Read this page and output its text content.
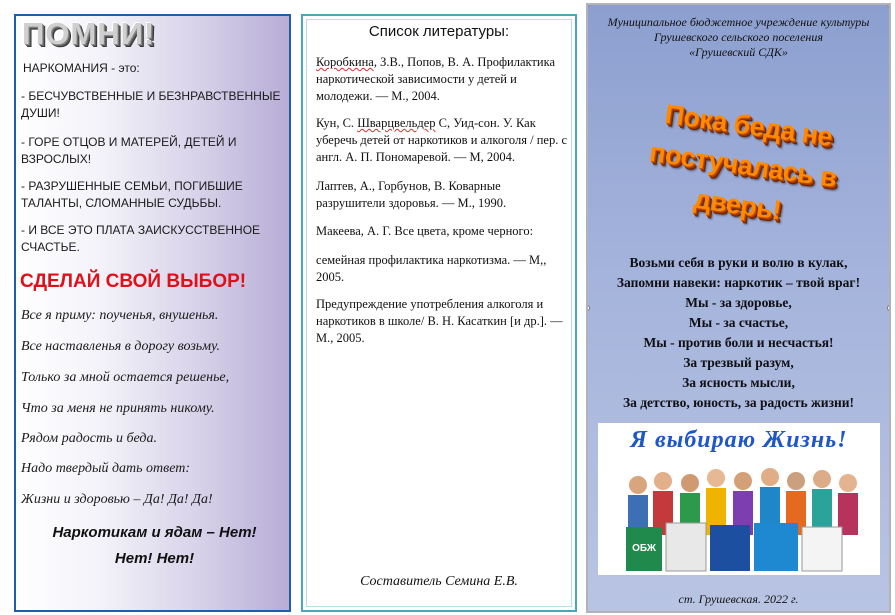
ПОМНИ!
НАРКОМАНИЯ - это:
- БЕСЧУВСТВЕННЫЕ И БЕЗНРАВСТВЕННЫЕ ДУШИ!
- ГОРЕ ОТЦОВ И МАТЕРЕЙ, ДЕТЕЙ И ВЗРОСЛЫХ!
- РАЗРУШЕННЫЕ СЕМЬИ, ПОГИБШИЕ ТАЛАНТЫ, СЛОМАННЫЕ СУДЬБЫ.
- И ВСЕ ЭТО ПЛАТА ЗАИСКУССТВЕННОЕ СЧАСТЬЕ.
СДЕЛАЙ СВОЙ ВЫБОР!
Все я приму: поученья, внушенья.
Все наставленья в дорогу возьму.
Только за мной остается решенье,
Что за меня не принять никому.
Рядом радость и беда.
Надо твердый дать ответ:
Жизни и здоровью – Да! Да! Да!
Наркотикам и ядам – Нет!
Нет! Нет!
Список литературы:
Коробкина, З.В., Попов, В. А. Профилактика наркотической зависимости у детей и молодежи. — М., 2004.
Кун, С. Шварцвельдер С, Уид-сон. У. Как уберечь детей от наркотиков и алкоголя / пер. с англ. А. П. Пономаревой. — М, 2004.
Лаптев, А., Горбунов, В. Коварные разрушители здоровья. — М., 1990.
Макеева, А. Г. Все цвета, кроме черного:
семейная профилактика наркотизма. — М,, 2005.
Предупреждение употребления алкоголя и наркотиков в школе/ В. Н. Касаткин [и др.]. — М., 2005.
Составитель Семина Е.В.
Муниципальное бюджетное учреждение культуры
Грушевского сельского поселения
«Грушевский СДК»
Пока беда не постучалась в
дверь!
Возьми себя в руки и волю в кулак,
Запомни навеки: наркотик – твой враг!
Мы - за здоровье,
Мы - за счастье,
Мы - против боли и несчастья!
За трезвый разум,
За ясность мысли,
За детство, юность, за радость жизни!
ОБЖ
Я выбираю Жизнь!
ст. Грушевская. 2022 г.
